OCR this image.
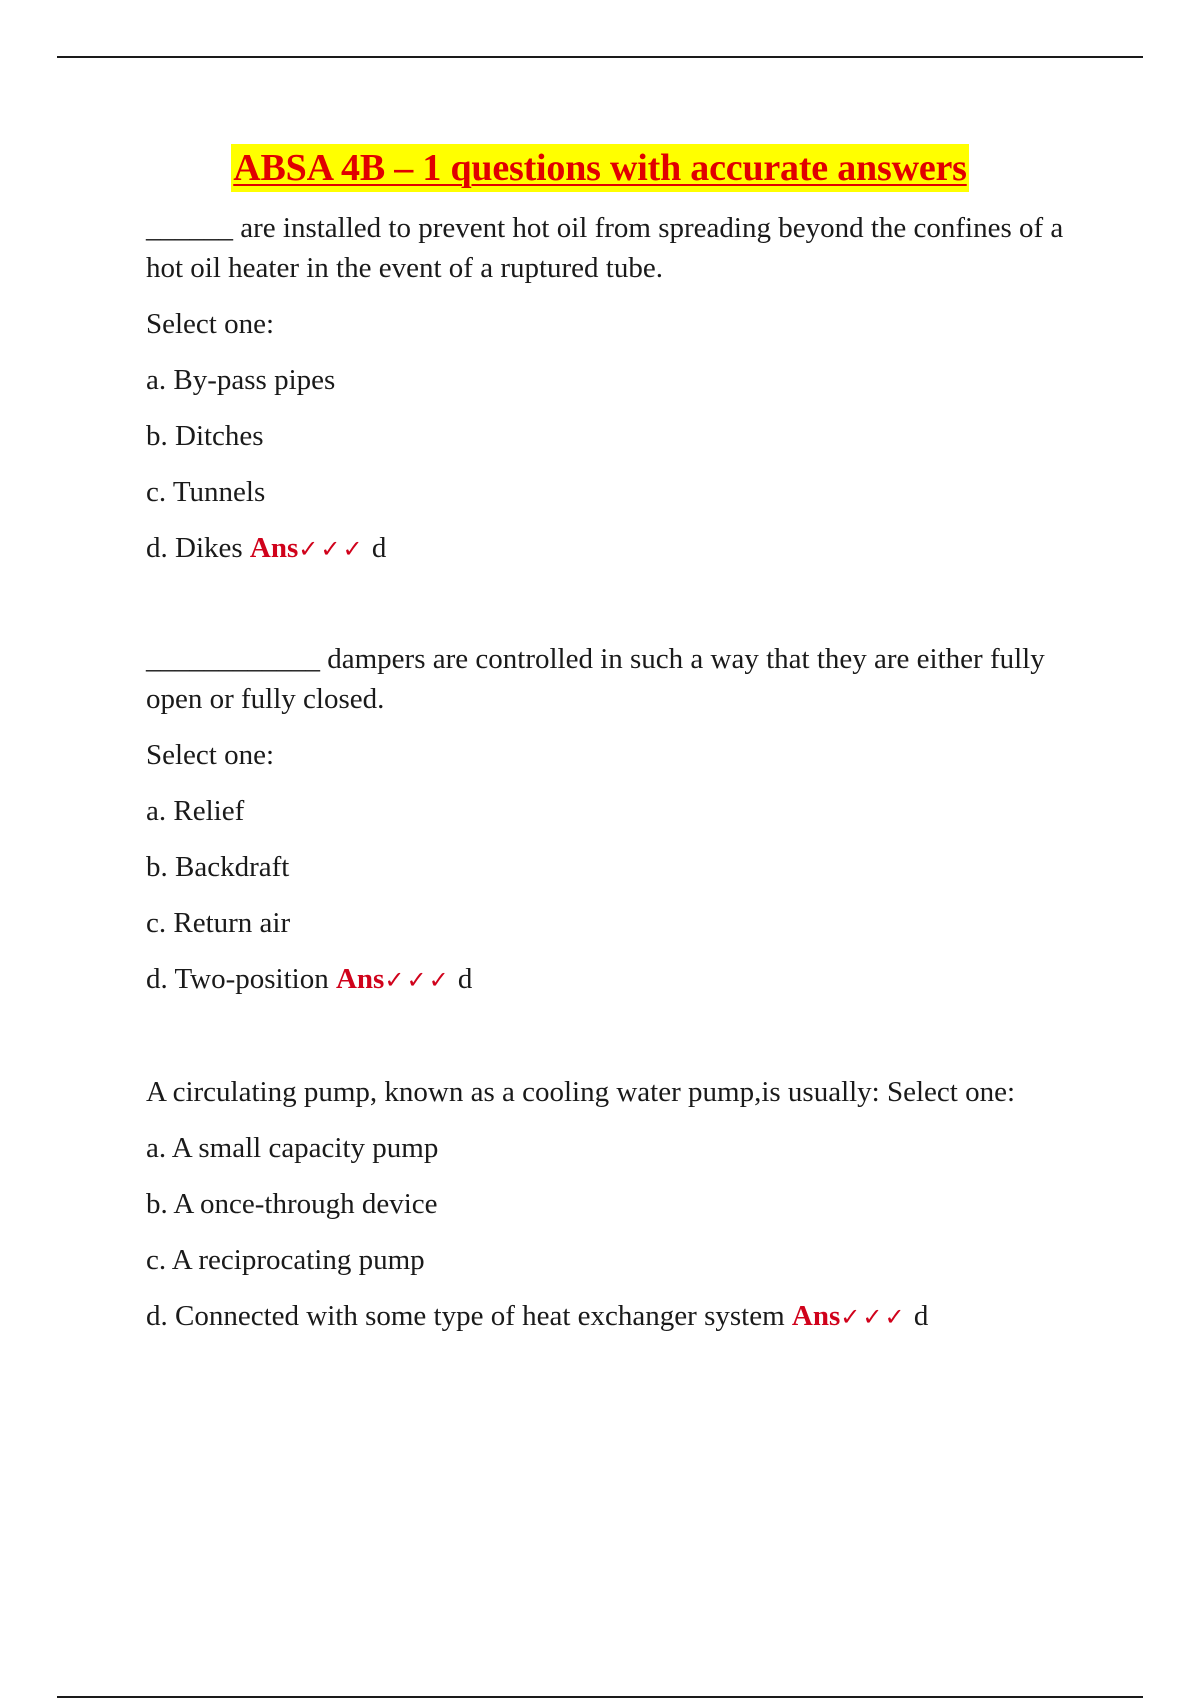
ABSA 4B – 1 questions with accurate answers

______ are installed to prevent hot oil from spreading beyond the confines of a hot oil heater in the event of a ruptured tube.

Select one:

a. By-pass pipes

b. Ditches

c. Tunnels

d. Dikes Ans✓✓✓ d

____________ dampers are controlled in such a way that they are either fully open or fully closed.

Select one:

a. Relief

b. Backdraft

c. Return air

d. Two-position Ans✓✓✓ d

A circulating pump, known as a cooling water pump,is usually: Select one:

a. A small capacity pump

b. A once-through device

c. A reciprocating pump

d. Connected with some type of heat exchanger system Ans✓✓✓ d
